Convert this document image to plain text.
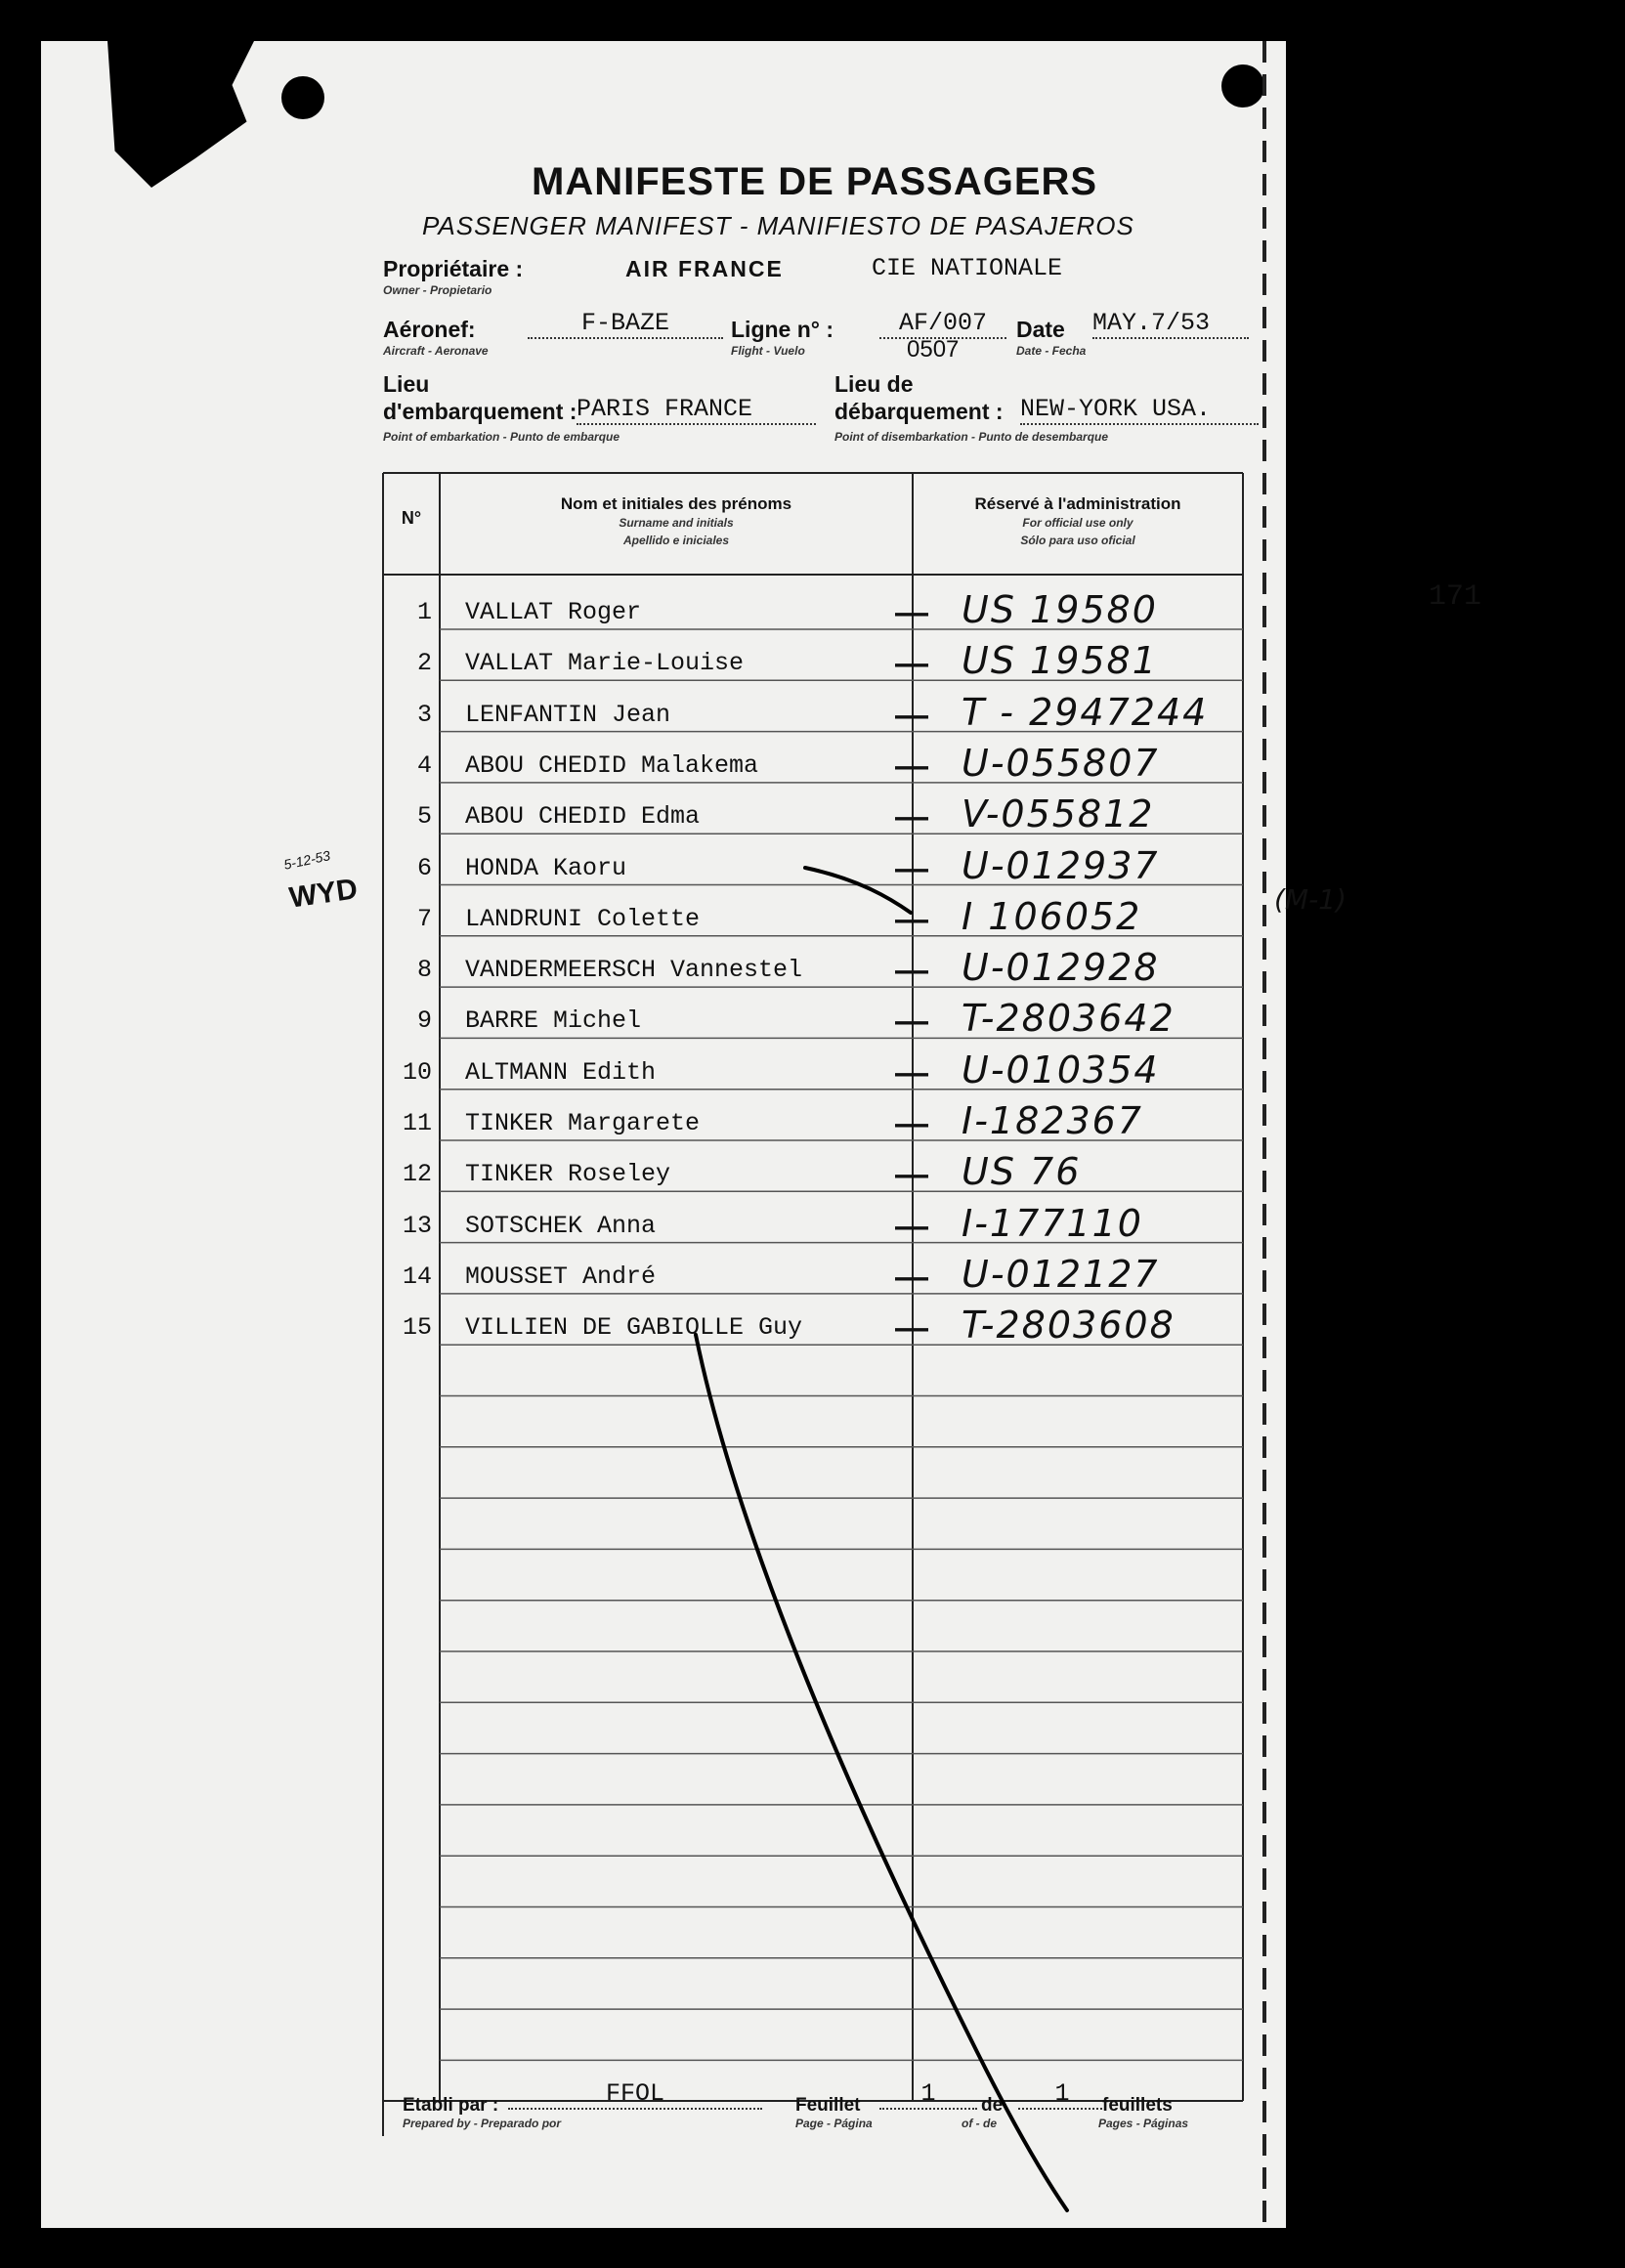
MANIFESTE DE PASSAGERS
PASSENGER MANIFEST - MANIFIESTO DE PASAJEROS
Propriétaire :
Owner - Propietario
AIR FRANCE	CIE NATIONALE
Aéronef:
Aircraft - Aeronave
F-BAZE	Ligne n° :
Flight - Vuelo
AF/007
0507
Date
Date - Fecha
MAY.7/53
Lieu
d'embarquement :
Point of embarkation - Punto de embarque
PARIS FRANCE
Lieu de
débarquement :
Point of disembarkation - Punto de desembarque
NEW-YORK USA.
171
5-12-53
WYD
N°
Nom et initiales des prénoms
Surname and initials
Apellido e iniciales
Réservé à l'administration
For official use only
Sólo para uso oficial
1 VALLAT Roger	— US 19580
2 VALLAT Marie-Louise	— US 19581
3 LENFANTIN Jean	— T - 2947244
4 ABOU CHEDID Malakema	— U-055807
5 ABOU CHEDID Edma	— V-055812
6 HONDA Kaoru	— U-012937
7 LANDRUNI Colette	— I 106052
8 VANDERMEERSCH Vannestel	— U-012928
9 BARRE Michel	— T-2803642
10 ALTMANN Edith	— U-010354
11 TINKER Margarete	— I-182367
12 TINKER Roseley	— US 76
13 SOTSCHEK Anna	— I-177110
14 MOUSSET André	— U-012127
15 VILLIEN DE GABIOLLE Guy	— T-2803608
(M-1)
Etabli par :
Prepared by - Preparado por
FFOL	Feuillet
Page - Página
1	de
of - de
1	feuillets
Pages - Páginas
